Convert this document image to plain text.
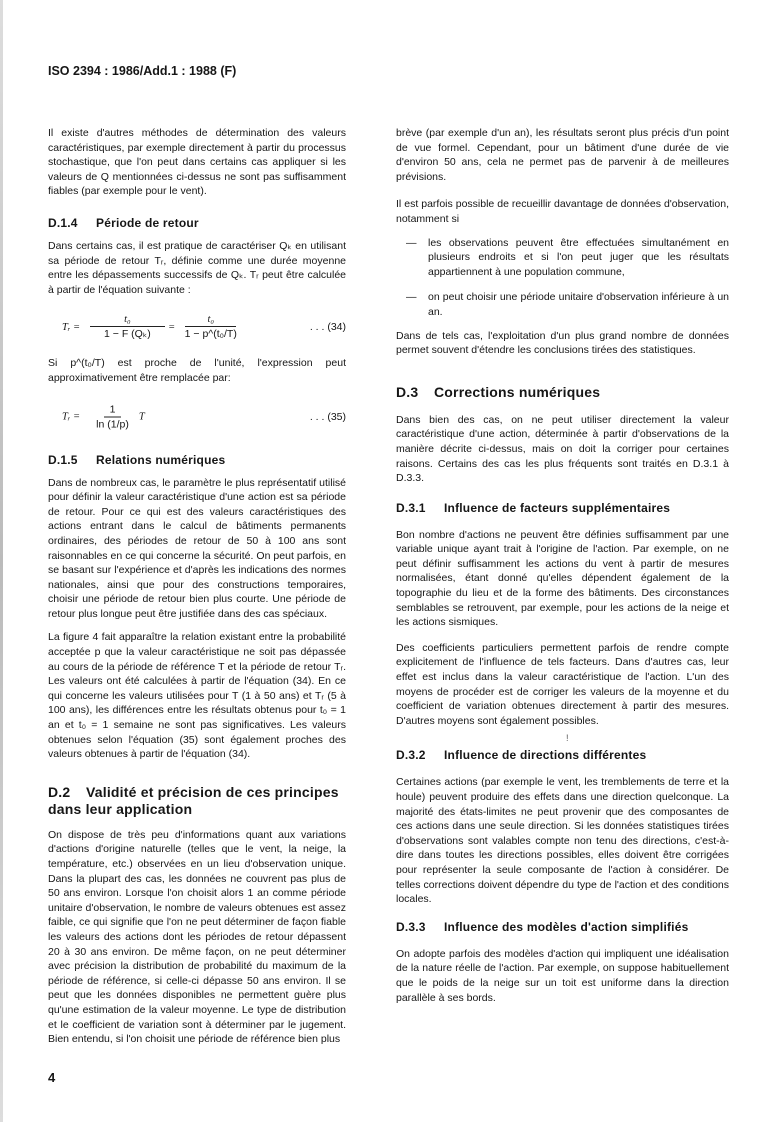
ISO 2394 : 1986/Add.1 : 1988 (F)

Il existe d'autres méthodes de détermination des valeurs caractéristiques, par exemple directement à partir du processus stochastique, que l'on peut dans certains cas appliquer si les valeurs de Q mentionnées ci-dessus ne sont pas suffisamment fiables (par exemple pour le vent).

D.1.4 Période de retour

Dans certains cas, il est pratique de caractériser Qₖ en utilisant sa période de retour Tᵣ, définie comme une durée moyenne entre les dépassements successifs de Qₖ. Tᵣ peut être calculée à partir de l'équation suivante :

Tᵣ = $\frac{\text{t₀}}{\text{1 − F (Qₖ)}} = \frac{\text{t₀}}{\text{1 − p\textasciicircum{}(t₀/T)}}$	. . . (34)

Si p^(t₀/T) est proche de l'unité, l'expression peut approximativement être remplacée par:

Tᵣ = $\frac{1}{\ln (1/p)}$ T	. . . (35)
D.1.5 Relations numériques

Dans de nombreux cas, le paramètre le plus représentatif utilisé pour définir la valeur caractéristique d'une action est sa période de retour. Pour ce qui est des valeurs caractéristiques des actions entrant dans le calcul de bâtiments permanents ordinaires, des périodes de retour de 50 à 100 ans sont raisonnables en ce qui concerne la sécurité. On peut parfois, en se basant sur l'expérience et d'après les indications des normes nationales, ainsi que pour des constructions temporaires, choisir une période de retour bien plus courte. Une période de retour plus longue peut être justifiée dans des cas spéciaux.

La figure 4 fait apparaître la relation existant entre la probabilité acceptée p que la valeur caractéristique ne soit pas dépassée au cours de la période de référence T et la période de retour Tᵣ. Les valeurs ont été calculées à partir de l'équation (34). En ce qui concerne les valeurs utilisées pour T (1 à 50 ans) et Tᵣ (5 à 100 ans), les différences entre les résultats obtenus pour t₀ = 1 an et t₀ = 1 semaine ne sont pas significatives. Les valeurs obtenues selon l'équation (35) sont également proches des valeurs obtenues à partir de l'équation (34).

D.2 Validité et précision de ces principes dans leur application

On dispose de très peu d'informations quant aux variations d'actions d'origine naturelle (telles que le vent, la neige, la température, etc.) observées en un lieu d'observation unique. Dans la plupart des cas, les données ne couvrent pas plus de 50 ans environ. Lorsque l'on choisit alors 1 an comme période unitaire d'observation, le nombre de valeurs obtenues est assez faible, ce qui signifie que l'on ne peut déterminer de façon fiable les valeurs des actions dont les périodes de retour dépassent 20 à 30 ans environ. De même façon, on ne peut déterminer avec précision la distribution de probabilité du maximum de la période de référence, si celle-ci dépasse 50 ans environ. Il se peut que les données disponibles ne permettent guère plus qu'une estimation de la valeur moyenne. Le type de distribution et le coefficient de variation sont à déterminer par le jugement. Bien entendu, si l'on choisit une période de référence bien plus

brève (par exemple d'un an), les résultats seront plus précis d'un point de vue formel. Cependant, pour un bâtiment d'une durée de vie d'environ 50 ans, cela ne permet pas de parvenir à de meilleures prévisions.

Il est parfois possible de recueillir davantage de données d'observation, notamment si

—	les observations peuvent être effectuées simultanément en plusieurs endroits et si l'on peut juger que les résultats appartiennent à une population commune,

—	on peut choisir une période unitaire d'observation inférieure à un an.

Dans de tels cas, l'exploitation d'un plus grand nombre de données permet souvent d'étendre les conclusions tirées des statistiques.

D.3 Corrections numériques

Dans bien des cas, on ne peut utiliser directement la valeur caractéristique d'une action, déterminée à partir d'observations de la manière décrite ci-dessus, mais on doit la corriger pour certaines raisons. Certains des cas les plus fréquents sont traités en D.3.1 à D.3.3.

D.3.1 Influence de facteurs supplémentaires

Bon nombre d'actions ne peuvent être définies suffisamment par une variable unique ayant trait à l'origine de l'action. Par exemple, on ne peut définir suffisamment les actions du vent à partir de mesures normalisées, étant donné qu'elles dépendent également de la topographie du lieu et de la forme des bâtiments. Des circonstances semblables se retrouvent, par exemple, pour les actions de la neige et les actions sismiques.

Des coefficients particuliers permettent parfois de rendre compte explicitement de l'influence de tels facteurs. Dans d'autres cas, leur effet est inclus dans la valeur caractéristique de l'action. L'un des moyens de procéder est de corriger les valeurs de la moyenne et du coefficient de variation obtenues directement à partir des mesures. D'autres moyens sont également possibles.

!
D.3.2 Influence de directions différentes

Certaines actions (par exemple le vent, les tremblements de terre et la houle) peuvent produire des effets dans une direction quelconque. La majorité des états-limites ne peut provenir que des composantes de ces actions dans une seule direction. Si les données statistiques tirées d'observations sont valables compte non tenu des directions, c'est-à-dire dans toutes les directions possibles, elles doivent être corrigées pour représenter la seule composante de l'action à considérer. De telles corrections doivent dépendre du type de l'action et des conditions locales.

D.3.3 Influence des modèles d'action simplifiés

On adopte parfois des modèles d'action qui impliquent une idéalisation de la nature réelle de l'action. Par exemple, on suppose habituellement que le poids de la neige sur un toit est uniforme dans la direction parallèle à ses bords.

4
